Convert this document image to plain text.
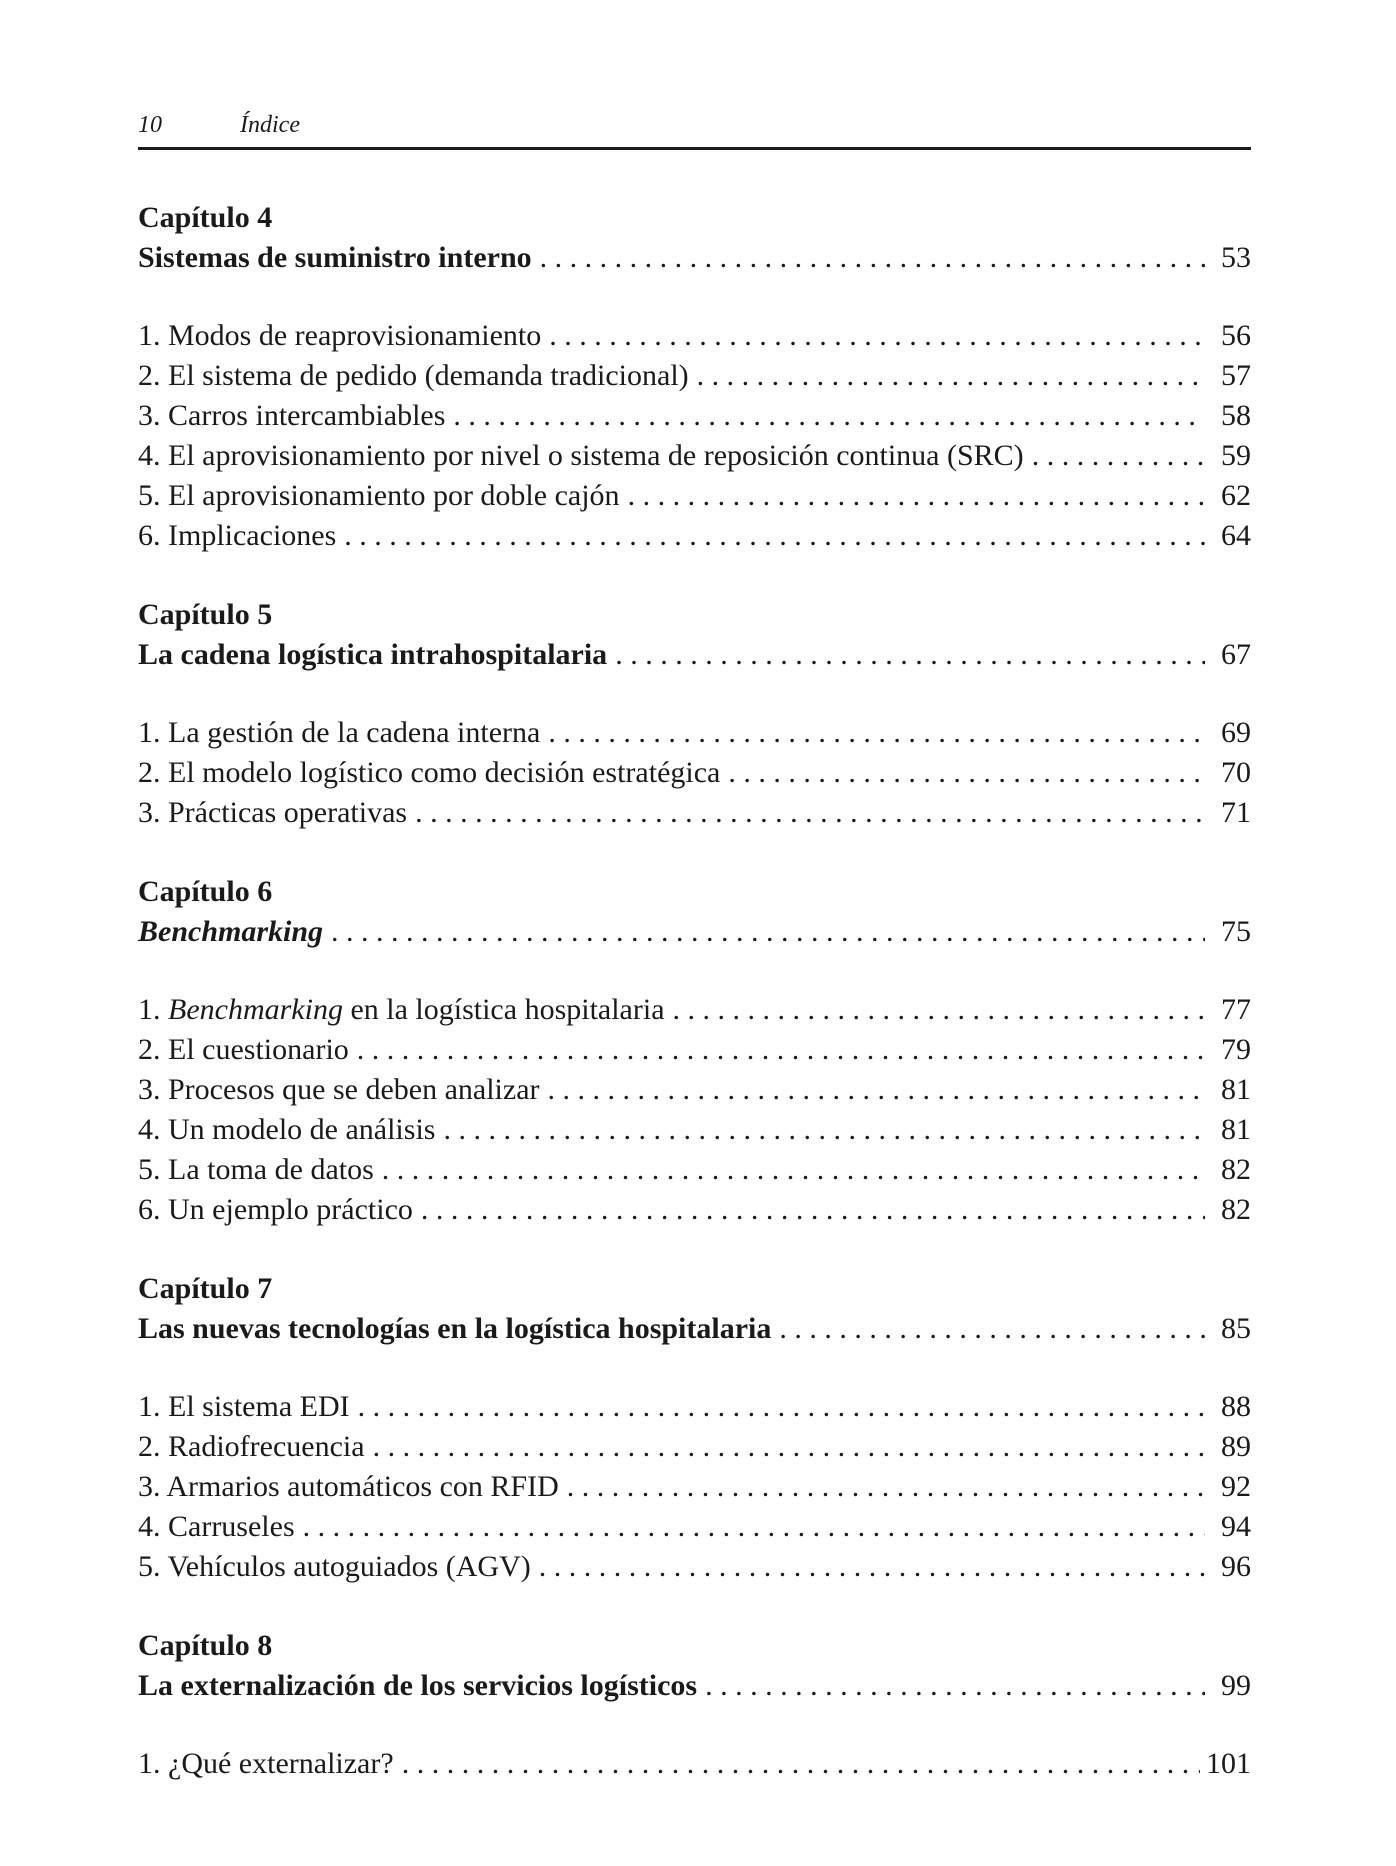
10	Índice
Capítulo 4
Sistemas de suministro interno . . .	53
1. Modos de reaprovisionamiento . . .	56
2. El sistema de pedido (demanda tradicional) . . .	57
3. Carros intercambiables . . .	58
4. El aprovisionamiento por nivel o sistema de reposición continua (SRC) . . .	59
5. El aprovisionamiento por doble cajón . . .	62
6. Implicaciones . . .	64
Capítulo 5
La cadena logística intrahospitalaria . . .	67
1. La gestión de la cadena interna . . .	69
2. El modelo logístico como decisión estratégica . . .	70
3. Prácticas operativas . . .	71
Capítulo 6
Benchmarking . . .	75
1. Benchmarking en la logística hospitalaria . . .	77
2. El cuestionario . . .	79
3. Procesos que se deben analizar . . .	81
4. Un modelo de análisis . . .	81
5. La toma de datos . . .	82
6. Un ejemplo práctico . . .	82
Capítulo 7
Las nuevas tecnologías en la logística hospitalaria . . .	85
1. El sistema EDI . . .	88
2. Radiofrecuencia . . .	89
3. Armarios automáticos con RFID . . .	92
4. Carruseles . . .	94
5. Vehículos autoguiados (AGV) . . .	96
Capítulo 8
La externalización de los servicios logísticos . . .	99
1. ¿Qué externalizar? . . .	101
